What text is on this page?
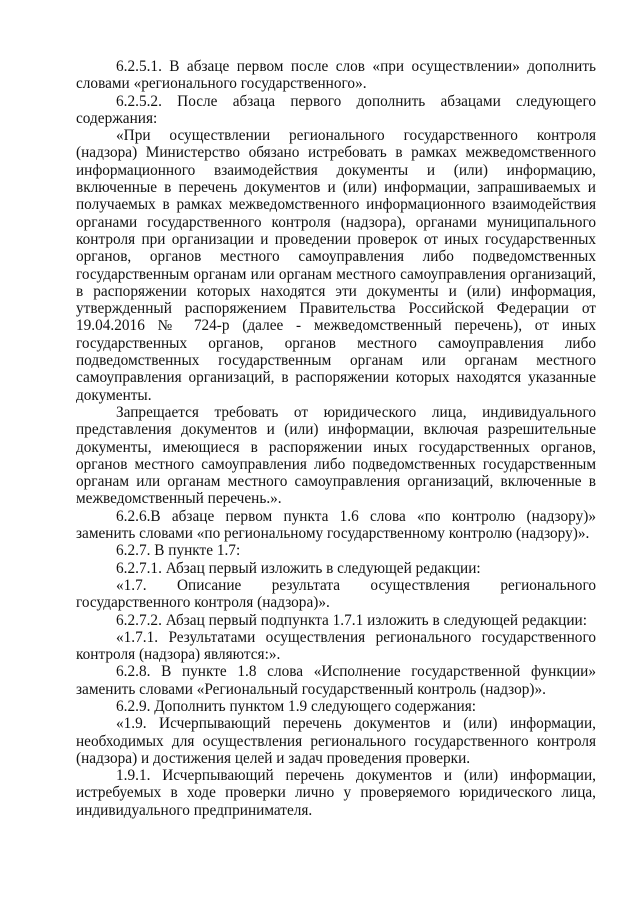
6.2.5.1. В абзаце первом после слов «при осуществлении» дополнить словами «регионального государственного».

6.2.5.2. После абзаца первого дополнить абзацами следующего содержания:

«При осуществлении регионального государственного контроля (надзора) Министерство обязано истребовать в рамках межведомственного информационного взаимодействия документы и (или) информацию, включенные в перечень документов и (или) информации, запрашиваемых и получаемых в рамках межведомственного информационного взаимодействия органами государственного контроля (надзора), органами муниципального контроля при организации и проведении проверок от иных государственных органов, органов местного самоуправления либо подведомственных государственным органам или органам местного самоуправления организаций, в распоряжении которых находятся эти документы и (или) информация, утвержденный распоряжением Правительства Российской Федерации от 19.04.2016 № 724-р (далее - межведомственный перечень), от иных государственных органов, органов местного самоуправления либо подведомственных государственным органам или органам местного самоуправления организаций, в распоряжении которых находятся указанные документы.

Запрещается требовать от юридического лица, индивидуального представления документов и (или) информации, включая разрешительные документы, имеющиеся в распоряжении иных государственных органов, органов местного самоуправления либо подведомственных государственным органам или органам местного самоуправления организаций, включенные в межведомственный перечень.».

6.2.6.В абзаце первом пункта 1.6 слова «по контролю (надзору)» заменить словами «по региональному государственному контролю (надзору)».

6.2.7. В пункте 1.7:

6.2.7.1. Абзац первый изложить в следующей редакции:

«1.7. Описание результата осуществления регионального государственного контроля (надзора)».

6.2.7.2. Абзац первый подпункта 1.7.1 изложить в следующей редакции:

«1.7.1. Результатами осуществления регионального государственного контроля (надзора) являются:».

6.2.8. В пункте 1.8 слова «Исполнение государственной функции» заменить словами «Региональный государственный контроль (надзор)».

6.2.9. Дополнить пунктом 1.9 следующего содержания:

«1.9. Исчерпывающий перечень документов и (или) информации, необходимых для осуществления регионального государственного контроля (надзора) и достижения целей и задач проведения проверки.

1.9.1. Исчерпывающий перечень документов и (или) информации, истребуемых в ходе проверки лично у проверяемого юридического лица, индивидуального предпринимателя.
